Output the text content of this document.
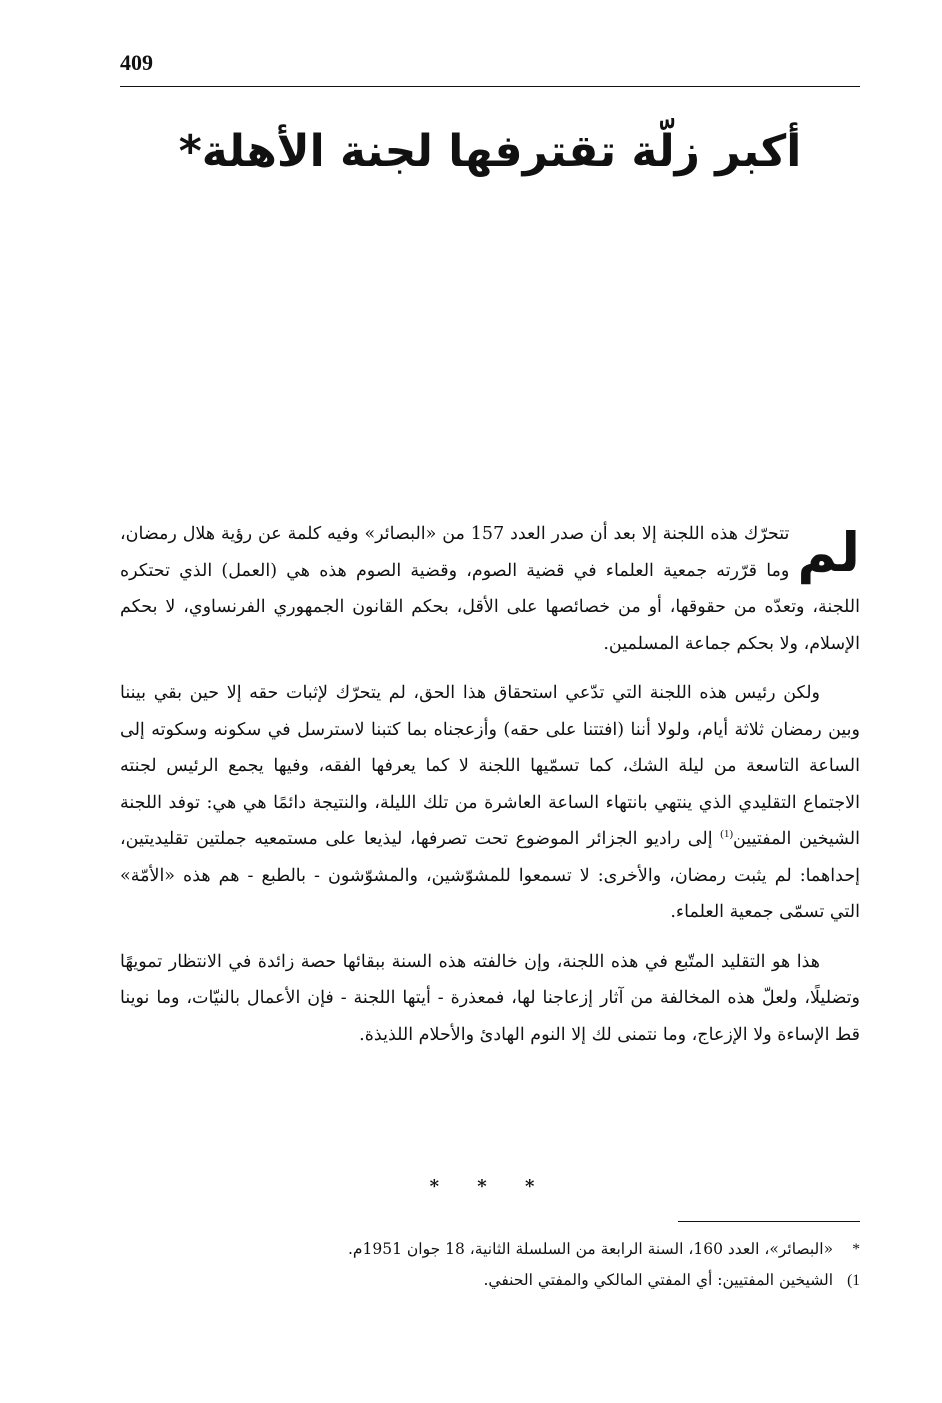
409
أكبر زلّة تقترفها لجنة الأهلة*

لم
تتحرّك هذه اللجنة إلا بعد أن صدر العدد 157 من «البصائر» وفيه كلمة عن رؤية هلال رمضان، وما قرّرته جمعية العلماء في قضية الصوم، وقضية الصوم هذه هي (العمل) الذي تحتكره اللجنة، وتعدّه من حقوقها، أو من خصائصها على الأقل، بحكم القانون الجمهوري الفرنساوي، لا بحكم الإسلام، ولا بحكم جماعة المسلمين.

ولكن رئيس هذه اللجنة التي تدّعي استحقاق هذا الحق، لم يتحرّك لإثبات حقه إلا حين بقي بيننا وبين رمضان ثلاثة أيام، ولولا أننا (افتتنا على حقه) وأزعجناه بما كتبنا لاسترسل في سكونه وسكوته إلى الساعة التاسعة من ليلة الشك، كما تسمّيها اللجنة لا كما يعرفها الفقه، وفيها يجمع الرئيس لجنته الاجتماع التقليدي الذي ينتهي بانتهاء الساعة العاشرة من تلك الليلة، والنتيجة دائمًا هي هي: توفد اللجنة الشيخين المفتيين$^{(1)}$ إلى راديو الجزائر الموضوع تحت تصرفها، ليذيعا على مستمعيه جملتين تقليديتين، إحداهما: لم يثبت رمضان، والأخرى: لا تسمعوا للمشوّشين، والمشوّشون - بالطبع - هم هذه «الأمّة» التي تسمّى جمعية العلماء.

هذا هو التقليد المتّبع في هذه اللجنة، وإن خالفته هذه السنة ببقائها حصة زائدة في الانتظار تمويهًا وتضليلًا، ولعلّ هذه المخالفة من آثار إزعاجنا لها، فمعذرة - أيتها اللجنة - فإن الأعمال بالنيّات، وما نوينا قط الإساءة ولا الإزعاج، وما نتمنى لك إلا النوم الهادئ والأحلام اللذيذة.

* * *
* «البصائر»، العدد 160، السنة الرابعة من السلسلة الثانية، 18 جوان 1951م.
1) الشيخين المفتيين: أي المفتي المالكي والمفتي الحنفي.
